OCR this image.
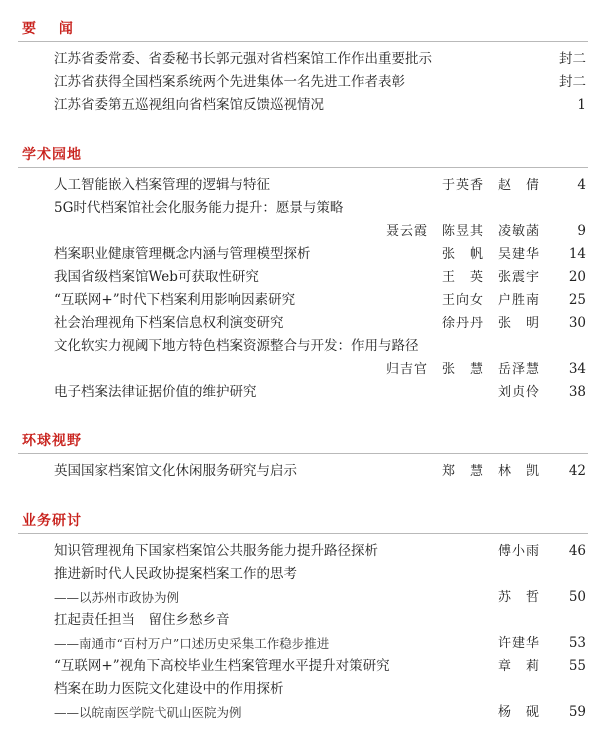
要 闻
江苏省委常委、省委秘书长郭元强对省档案馆工作作出重要批示	封二
江苏省获得全国档案系统两个先进集体一名先进工作者表彰	封二
江苏省委第五巡视组向省档案馆反馈巡视情况	1
学术园地
人工智能嵌入档案管理的逻辑与特征	于英香　赵　倩	4
5G时代档案馆社会化服务能力提升：愿景与策略
聂云霞　陈昱其　凌敏菡	9
档案职业健康管理概念内涵与管理模型探析	张　帆　吴建华	14
我国省级档案馆Web可获取性研究	王　英　张震宇	20
“互联网+”时代下档案利用影响因素研究	王向女　户胜南	25
社会治理视角下档案信息权利演变研究	徐丹丹　张　明	30
文化软实力视阈下地方特色档案资源整合与开发：作用与路径
归吉官　张　慧　岳泽慧	34
电子档案法律证据价值的维护研究	刘贞伶	38
环球视野
英国国家档案馆文化休闲服务研究与启示	郑　慧　林　凯	42
业务研讨
知识管理视角下国家档案馆公共服务能力提升路径探析	傅小雨	46
推进新时代人民政协提案档案工作的思考
——以苏州市政协为例	苏　哲	50
扛起责任担当　留住乡愁乡音
——南通市“百村万户”口述历史采集工作稳步推进	许建华	53
“互联网+”视角下高校毕业生档案管理水平提升对策研究	章　莉	55
档案在助力医院文化建设中的作用探析
——以皖南医学院弋矶山医院为例	杨　砚	59
